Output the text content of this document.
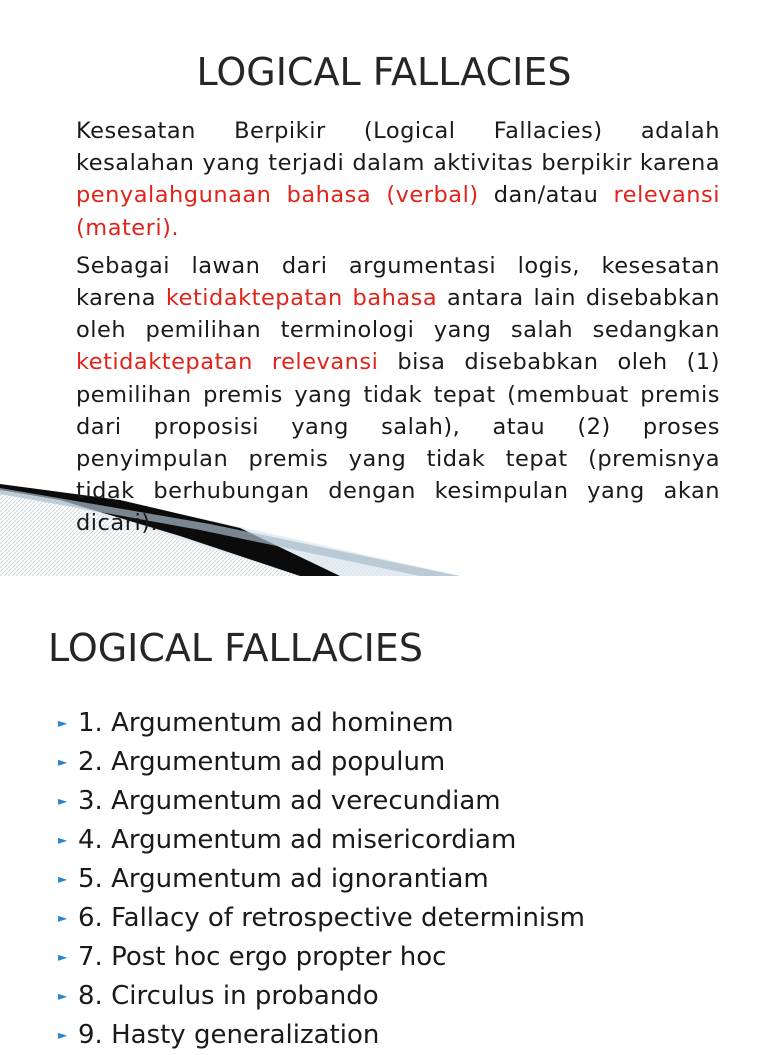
LOGICAL FALLACIES

Kesesatan Berpikir (Logical Fallacies) adalah kesalahan yang terjadi dalam aktivitas berpikir karena penyalahgunaan bahasa (verbal) dan/atau relevansi (materi).

Sebagai lawan dari argumentasi logis, kesesatan karena ketidaktepatan bahasa antara lain disebabkan oleh pemilihan terminologi yang salah sedangkan ketidaktepatan relevansi bisa disebabkan oleh (1) pemilihan premis yang tidak tepat (membuat premis dari proposisi yang salah), atau (2) proses penyimpulan premis yang tidak tepat (premisnya tidak berhubungan dengan kesimpulan yang akan dicari).

LOGICAL FALLACIES
► 1. Argumentum ad hominem
► 2. Argumentum ad populum
► 3. Argumentum ad verecundiam
► 4. Argumentum ad misericordiam
► 5. Argumentum ad ignorantiam
► 6. Fallacy of retrospective determinism
► 7. Post hoc ergo propter hoc
► 8. Circulus in probando
► 9. Hasty generalization
